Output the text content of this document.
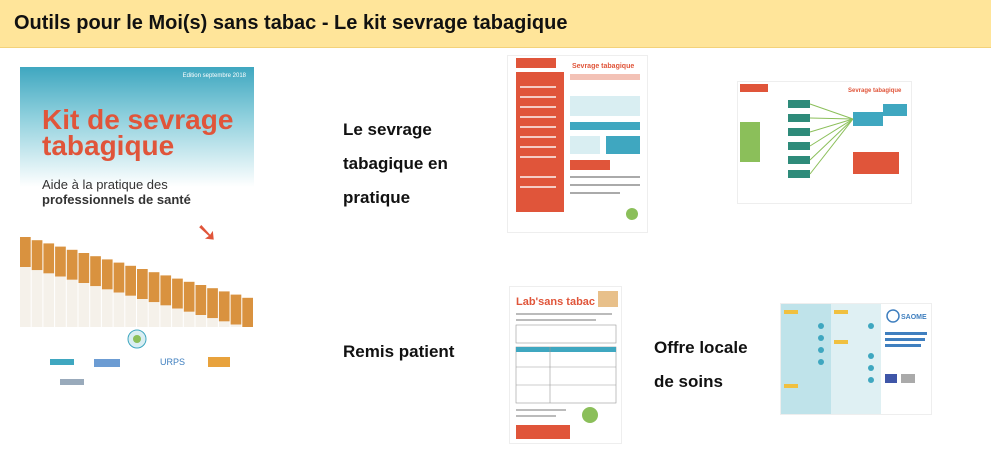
Outils pour le Moi(s) sans tabac - Le kit sevrage tabagique
Edition septembre 2018
Kit de sevrage
tabagique
Aide à la pratique des
professionnels de santé
➘
URPS
Le sevrage
tabagique en
pratique
Sevrage tabagique
Sevrage tabagique
Remis patient
Lab'sans tabac
Offre locale
de soins
SAOME
